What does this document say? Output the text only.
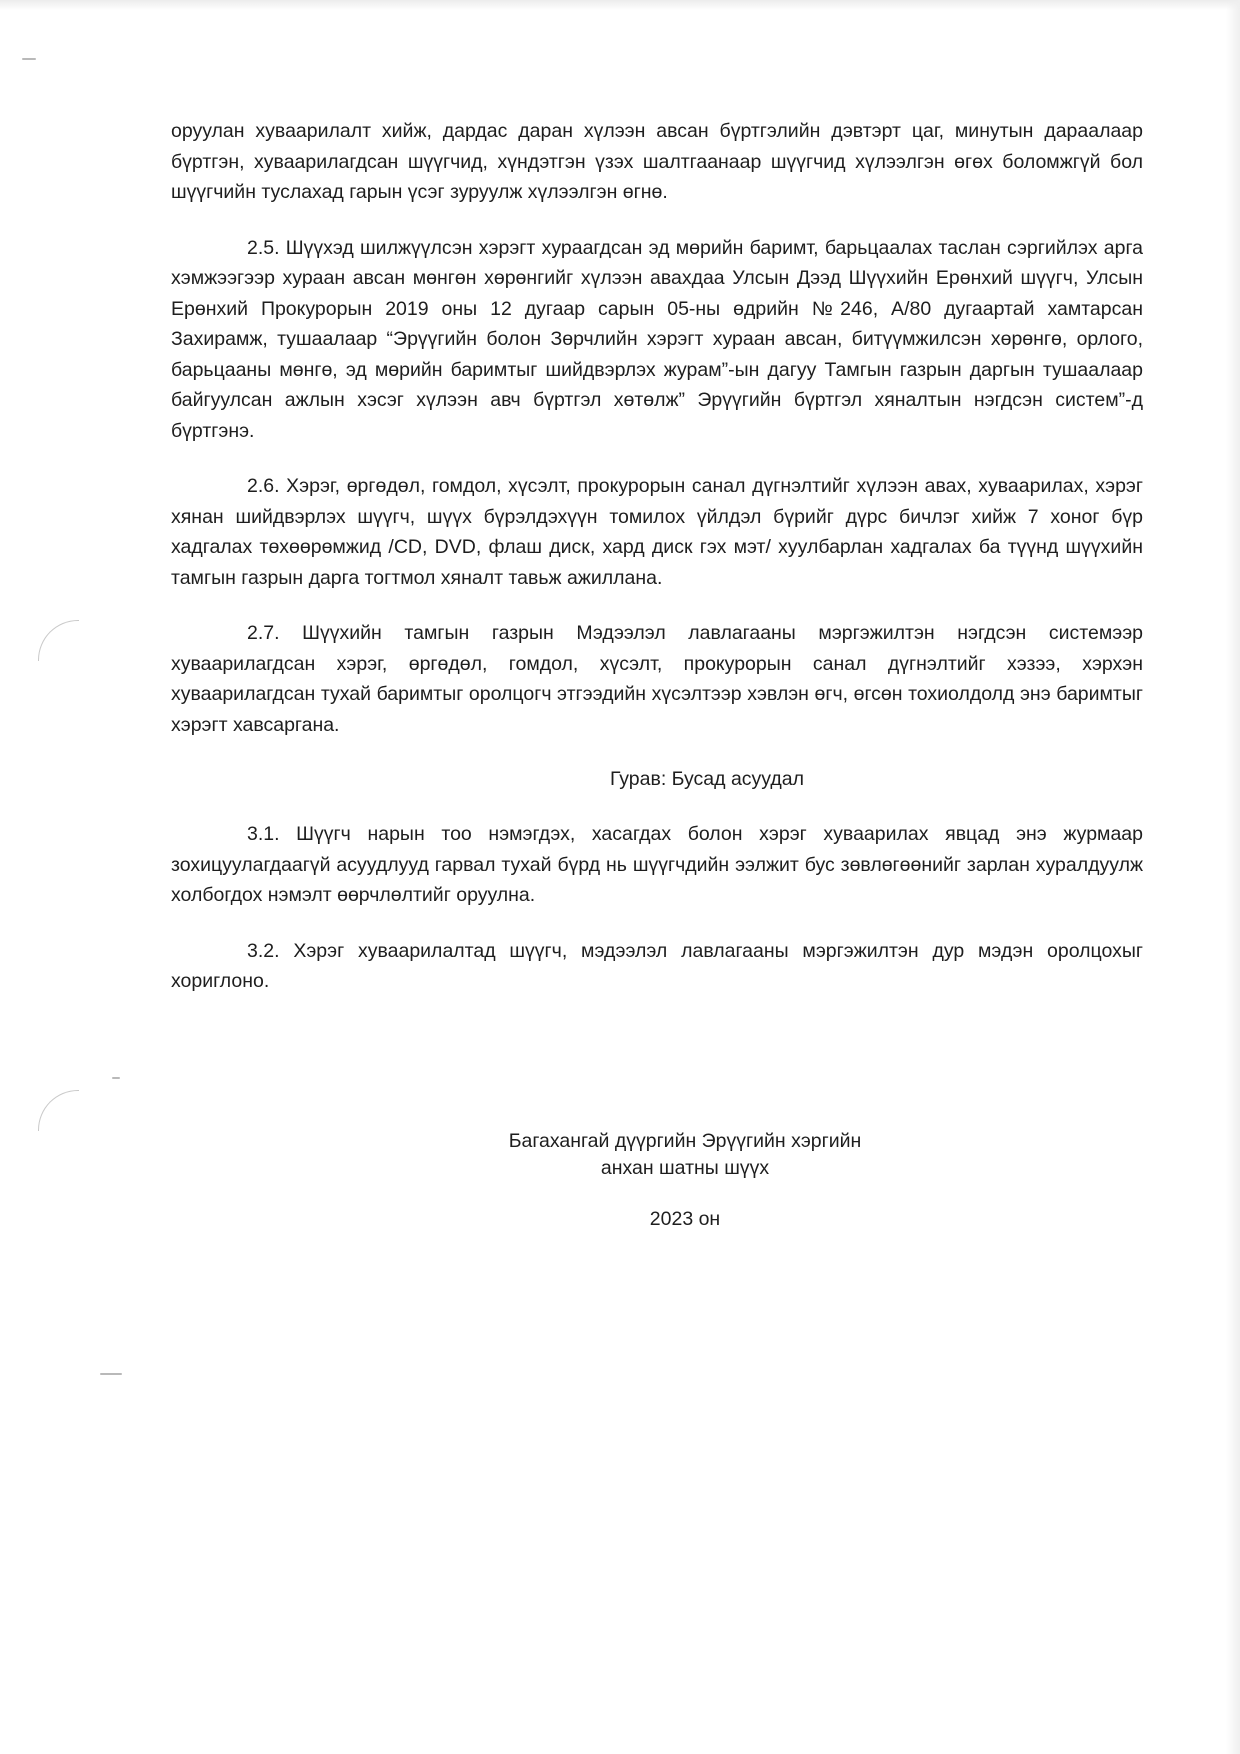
оруулан хуваарилалт хийж, дардас даран хүлээн авсан бүртгэлийн дэвтэрт цаг, минутын дараалаар бүртгэн, хуваарилагдсан шүүгчид, хүндэтгэн үзэх шалтгаанаар шүүгчид хүлээлгэн өгөх боломжгүй бол шүүгчийн туслахад гарын үсэг зуруулж хүлээлгэн өгнө.

2.5. Шүүхэд шилжүүлсэн хэрэгт хураагдсан эд мөрийн баримт, барьцаалах таслан сэргийлэх арга хэмжээгээр хураан авсан мөнгөн хөрөнгийг хүлээн авахдаа Улсын Дээд Шүүхийн Ерөнхий шүүгч, Улсын Ерөнхий Прокурорын 2019 оны 12 дугаар сарын 05-ны өдрийн №246, А/80 дугаартай хамтарсан Захирамж, тушаалаар “Эрүүгийн болон Зөрчлийн хэрэгт хураан авсан, битүүмжилсэн хөрөнгө, орлого, барьцааны мөнгө, эд мөрийн баримтыг шийдвэрлэх журам”-ын дагуу Тамгын газрын даргын тушаалаар байгуулсан ажлын хэсэг хүлээн авч бүртгэл хөтөлж” Эрүүгийн бүртгэл хяналтын нэгдсэн систем”-д бүртгэнэ.

2.6. Хэрэг, өргөдөл, гомдол, хүсэлт, прокурорын санал дүгнэлтийг хүлээн авах, хуваарилах, хэрэг хянан шийдвэрлэх шүүгч, шүүх бүрэлдэхүүн томилох үйлдэл бүрийг дүрс бичлэг хийж 7 хоног бүр хадгалах төхөөрөмжид /CD, DVD, флаш диск, хард диск гэх мэт/ хуулбарлан хадгалах ба түүнд шүүхийн тамгын газрын дарга тогтмол хяналт тавьж ажиллана.

2.7. Шүүхийн тамгын газрын Мэдээлэл лавлагааны мэргэжилтэн нэгдсэн системээр хуваарилагдсан хэрэг, өргөдөл, гомдол, хүсэлт, прокурорын санал дүгнэлтийг хэзээ, хэрхэн хуваарилагдсан тухай баримтыг оролцогч этгээдийн хүсэлтээр хэвлэн өгч, өгсөн тохиолдолд энэ баримтыг хэрэгт хавсаргана.

Гурав: Бусад асуудал

3.1. Шүүгч нарын тоо нэмэгдэх, хасагдах болон хэрэг хуваарилах явцад энэ журмаар зохицуулагдаагүй асуудлууд гарвал тухай бүрд нь шүүгчдийн ээлжит бус зөвлөгөөнийг зарлан хуралдуулж холбогдох нэмэлт өөрчлөлтийг оруулна.

3.2. Хэрэг хуваарилалтад шүүгч, мэдээлэл лавлагааны мэргэжилтэн дур мэдэн оролцохыг хориглоно.

Багахангай дүүргийн Эрүүгийн хэргийн
анхан шатны шүүх
2023 он
